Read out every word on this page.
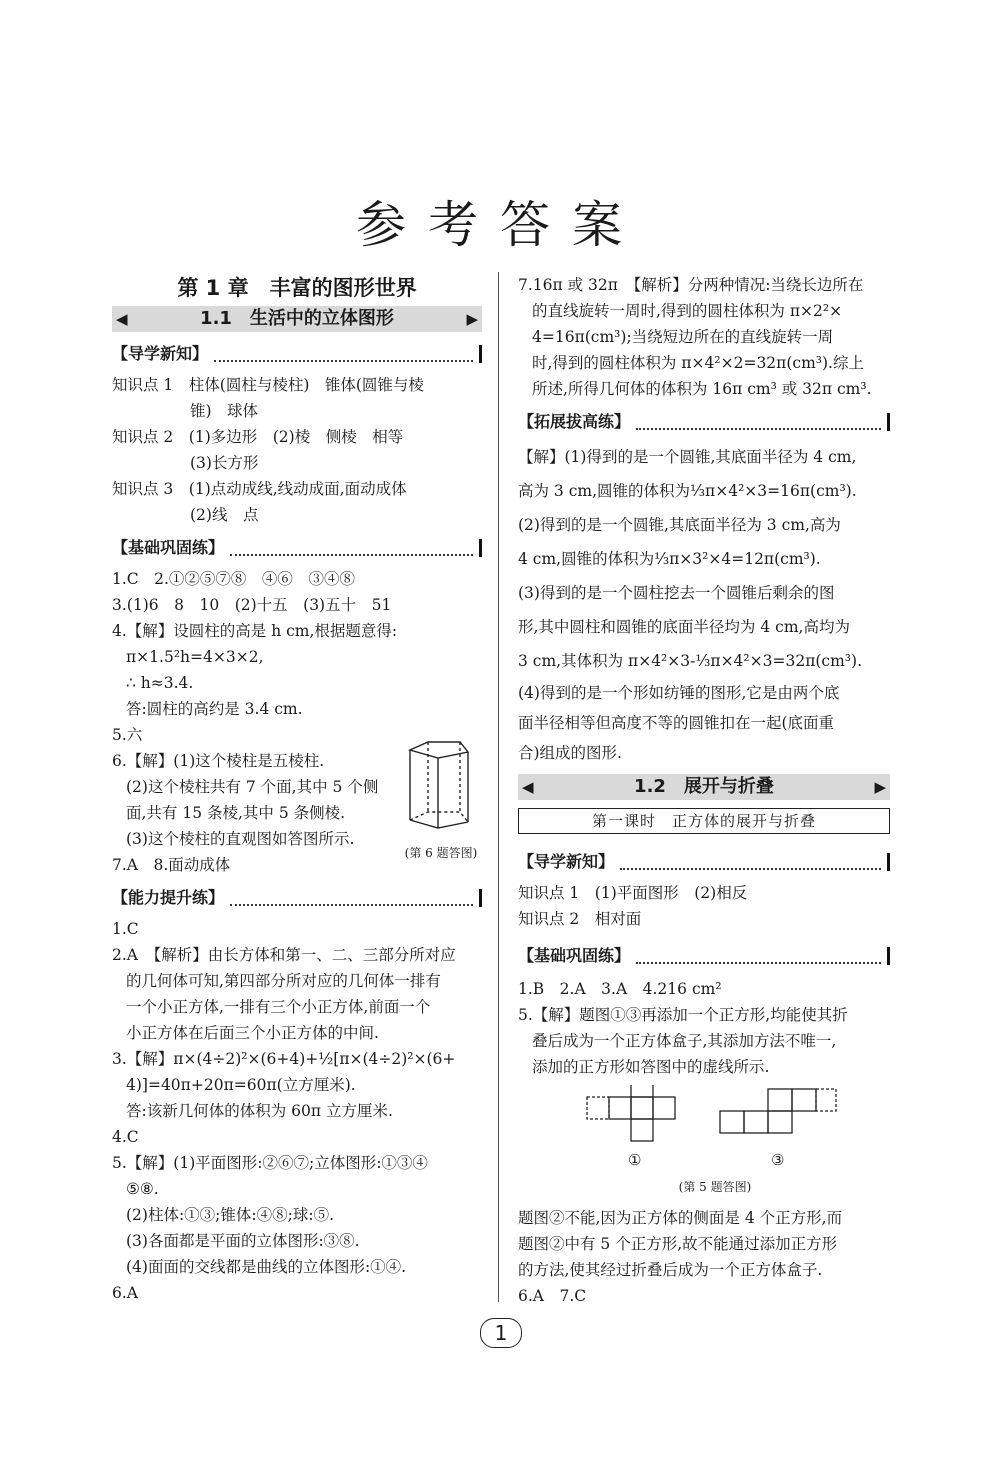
参考答案
第 1 章　丰富的图形世界
◀	1.1　生活中的立体图形	▶
【导学新知】
知识点 1　柱体(圆柱与棱柱)　锥体(圆锥与棱
锥)　球体
知识点 2　(1)多边形　(2)棱　侧棱　相等
(3)长方形
知识点 3　(1)点动成线,线动成面,面动成体
(2)线　点
【基础巩固练】
1.C　2.①②⑤⑦⑧　④⑥　③④⑧
3.(1)6　8　10　(2)十五　(3)五十　51
4.【解】设圆柱的高是 h cm,根据题意得:
π×1.5²h=4×3×2,
∴ h≈3.4.
答:圆柱的高约是 3.4 cm.
5.六
6.【解】(1)这个棱柱是五棱柱.
(2)这个棱柱共有 7 个面,其中 5 个侧
面,共有 15 条棱,其中 5 条侧棱.
(3)这个棱柱的直观图如答图所示.
7.A　8.面动成体
【能力提升练】
1.C
2.A　【解析】由长方体和第一、二、三部分所对应
的几何体可知,第四部分所对应的几何体一排有
一个小正方体,一排有三个小正方体,前面一个
小正方体在后面三个小正方体的中间.
3.【解】π×(4÷2)²×(6+4)+½[π×(4÷2)²×(6+
4)]=40π+20π=60π(立方厘米).
答:该新几何体的体积为 60π 立方厘米.
4.C
5.【解】(1)平面图形:②⑥⑦;立体图形:①③④
⑤⑧.
(2)柱体:①③;锥体:④⑧;球:⑤.
(3)各面都是平面的立体图形:③⑧.
(4)面面的交线都是曲线的立体图形:①④.
6.A
(第 6 题答图)
7.16π 或 32π　【解析】分两种情况:当绕长边所在
的直线旋转一周时,得到的圆柱体积为 π×2²×
4=16π(cm³);当绕短边所在的直线旋转一周
时,得到的圆柱体积为 π×4²×2=32π(cm³).综上
所述,所得几何体的体积为 16π cm³ 或 32π cm³.
【拓展拔高练】
【解】(1)得到的是一个圆锥,其底面半径为 4 cm,
高为 3 cm,圆锥的体积为⅓π×4²×3=16π(cm³).
(2)得到的是一个圆锥,其底面半径为 3 cm,高为
4 cm,圆锥的体积为⅓π×3²×4=12π(cm³).
(3)得到的是一个圆柱挖去一个圆锥后剩余的图
形,其中圆柱和圆锥的底面半径均为 4 cm,高均为
3 cm,其体积为 π×4²×3-⅓π×4²×3=32π(cm³).
(4)得到的是一个形如纺锤的图形,它是由两个底
面半径相等但高度不等的圆锥扣在一起(底面重
合)组成的图形.
◀	1.2　展开与折叠	▶
第一课时　正方体的展开与折叠
【导学新知】
知识点 1　(1)平面图形　(2)相反
知识点 2　相对面
【基础巩固练】
1.B　2.A　3.A　4.216 cm²
5.【解】题图①③再添加一个正方形,均能使其折
叠后成为一个正方体盒子,其添加方法不唯一,
添加的正方形如答图中的虚线所示.
①	③
(第 5 题答图)
题图②不能,因为正方体的侧面是 4 个正方形,而
题图②中有 5 个正方形,故不能通过添加正方形
的方法,使其经过折叠后成为一个正方体盒子.
6.A　7.C
1
